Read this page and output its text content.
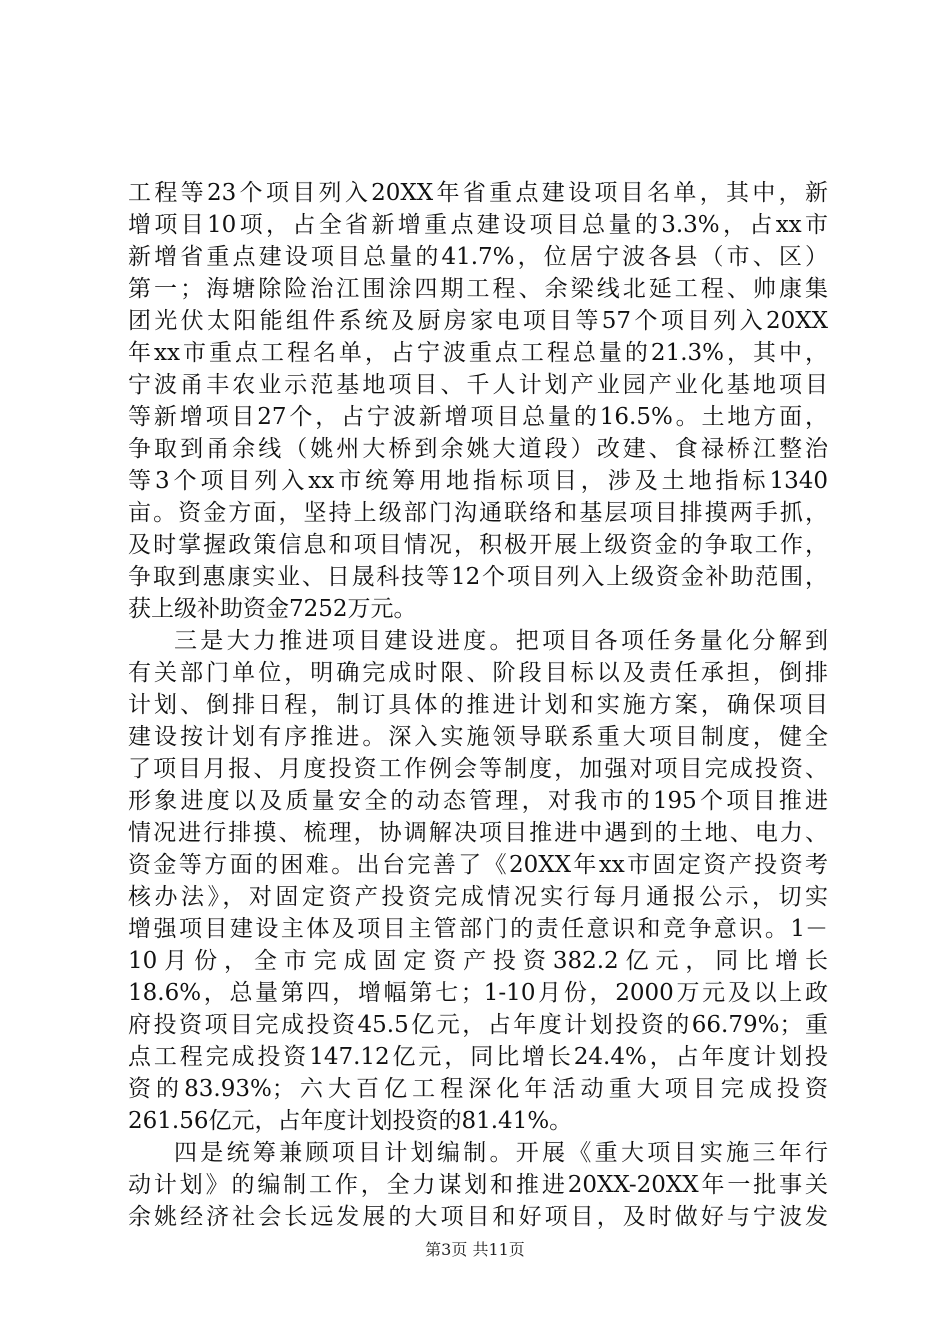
工程等23个项目列入20XX年省重点建设项目名单，其中，新
增项目10项，占全省新增重点建设项目总量的3.3%，占xx市
新增省重点建设项目总量的41.7%，位居宁波各县（市、区）
第一；海塘除险治江围涂四期工程、余梁线北延工程、帅康集
团光伏太阳能组件系统及厨房家电项目等57个项目列入20XX
年xx市重点工程名单，占宁波重点工程总量的21.3%，其中，
宁波甬丰农业示范基地项目、千人计划产业园产业化基地项目
等新增项目27个，占宁波新增项目总量的16.5%。土地方面，
争取到甬余线（姚州大桥到余姚大道段）改建、食禄桥江整治
等3个项目列入xx市统筹用地指标项目，涉及土地指标1340
亩。资金方面，坚持上级部门沟通联络和基层项目排摸两手抓，
及时掌握政策信息和项目情况，积极开展上级资金的争取工作，
争取到惠康实业、日晟科技等12个项目列入上级资金补助范围，
获上级补助资金7252万元。
三是大力推进项目建设进度。把项目各项任务量化分解到
有关部门单位，明确完成时限、阶段目标以及责任承担，倒排
计划、倒排日程，制订具体的推进计划和实施方案，确保项目
建设按计划有序推进。深入实施领导联系重大项目制度，健全
了项目月报、月度投资工作例会等制度，加强对项目完成投资、
形象进度以及质量安全的动态管理，对我市的195个项目推进
情况进行排摸、梳理，协调解决项目推进中遇到的土地、电力、
资金等方面的困难。出台完善了《20XX年xx市固定资产投资考
核办法》，对固定资产投资完成情况实行每月通报公示，切实
增强项目建设主体及项目主管部门的责任意识和竞争意识。1－
10月份，全市完成固定资产投资382.2亿元，同比增长
18.6%，总量第四，增幅第七；1-10月份，2000万元及以上政
府投资项目完成投资45.5亿元，占年度计划投资的66.79%；重
点工程完成投资147.12亿元，同比增长24.4%，占年度计划投
资的83.93%；六大百亿工程深化年活动重大项目完成投资
261.56亿元，占年度计划投资的81.41%。
四是统筹兼顾项目计划编制。开展《重大项目实施三年行
动计划》的编制工作，全力谋划和推进20XX-20XX年一批事关
余姚经济社会长远发展的大项目和好项目，及时做好与宁波发
第3页 共11页
